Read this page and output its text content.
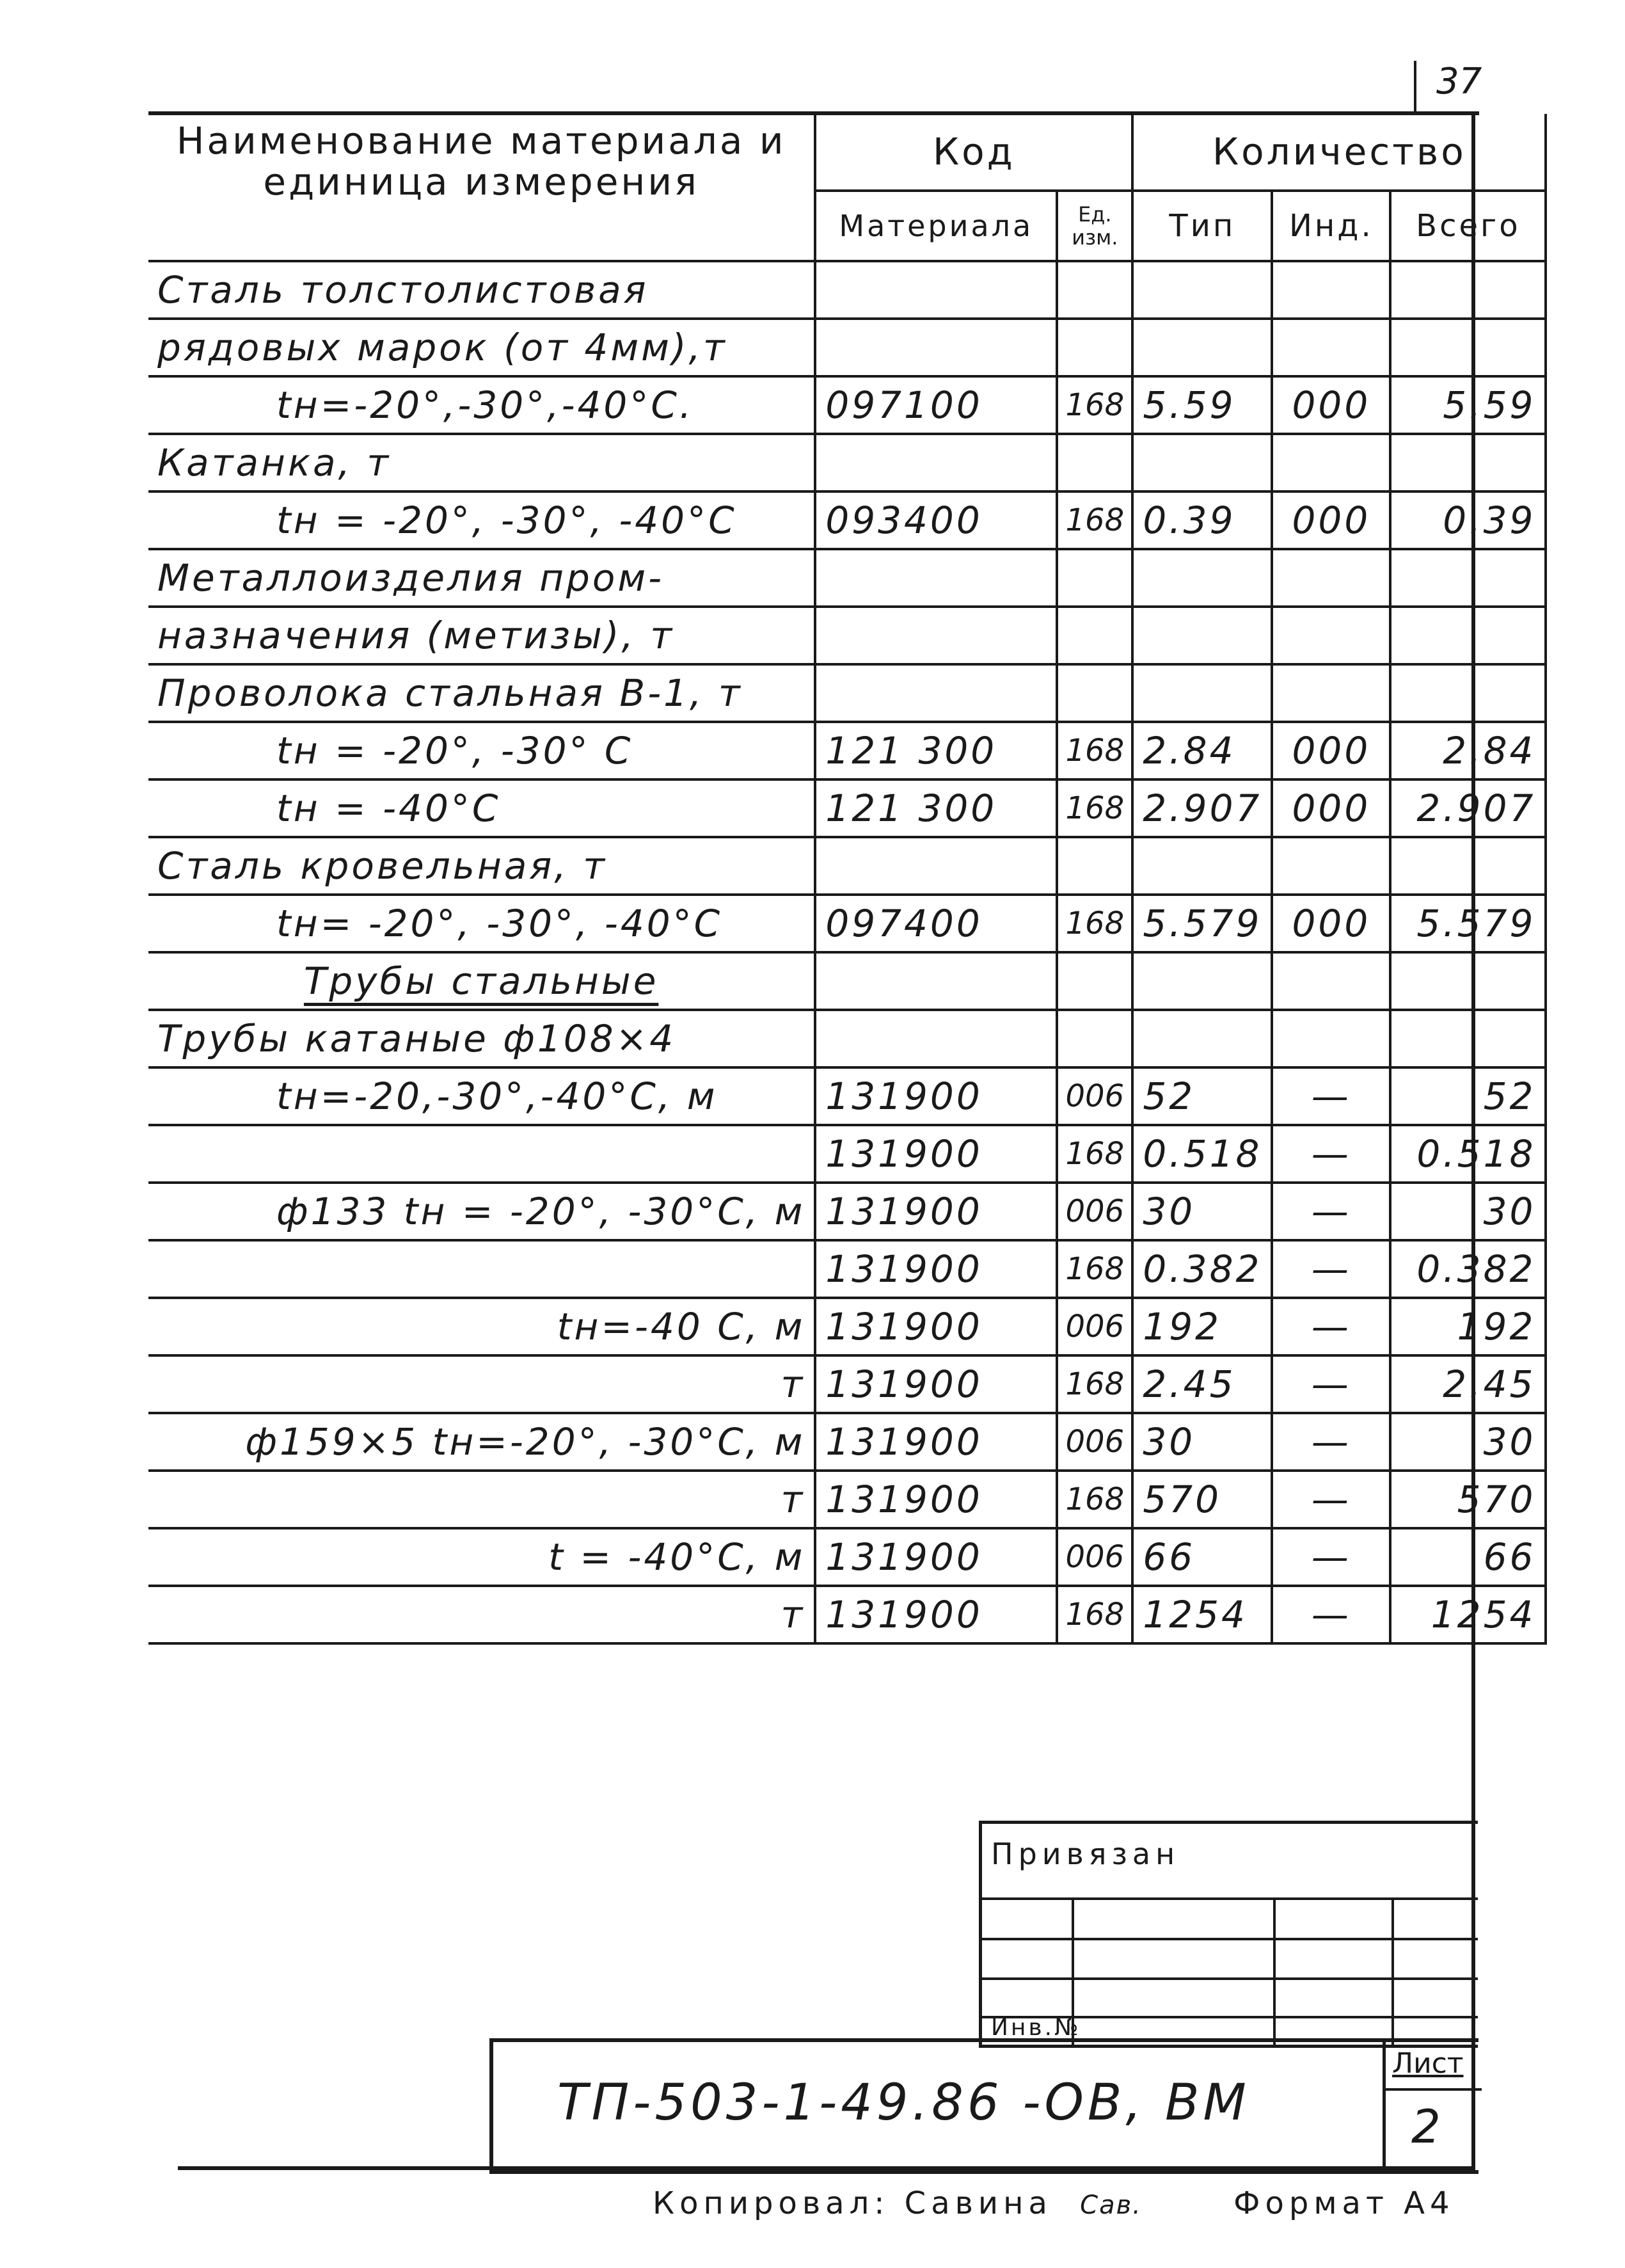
37
Наименование материала и единица измерения	Код		Количество		
	Материала	Ед. изм.	Тип	Инд.	Всего
Сталь толстолистовая					
рядовых марок (от 4мм),т					
tн=-20°,-30°,-40°С.	097100	168	5.59	000	5.59
Катанка, т					
tн = -20°, -30°, -40°С	093400	168	0.39	000	0.39
Металлоизделия пром-					
назначения (метизы), т					
Проволока стальная В-1, т					
tн = -20°, -30° С	121 300	168	2.84	000	2.84
tн = -40°С	121 300	168	2.907	000	2.907
Сталь кровельная, т					
tн= -20°, -30°, -40°С	097400	168	5.579	000	5.579
Трубы стальные					
Трубы катаные ф108×4					
tн=-20,-30°,-40°С, м	131900	006	52	—	52
	131900	168	0.518	—	0.518
ф133 tн = -20°, -30°С, м	131900	006	30	—	30
	131900	168	0.382	—	0.382
tн=-40 С, м	131900	006	192	—	192
т	131900	168	2.45	—	2.45
ф159×5 tн=-20°, -30°С, м	131900	006	30	—	30
т	131900	168	570	—	570
t = -40°С, м	131900	006	66	—	66
т	131900	168	1254	—	1254
Привязан
Инв.№
ТП-503-1-49.86 -ОВ, ВМ
Лист
2
Копировал: Савина Сав.	Формат А4
